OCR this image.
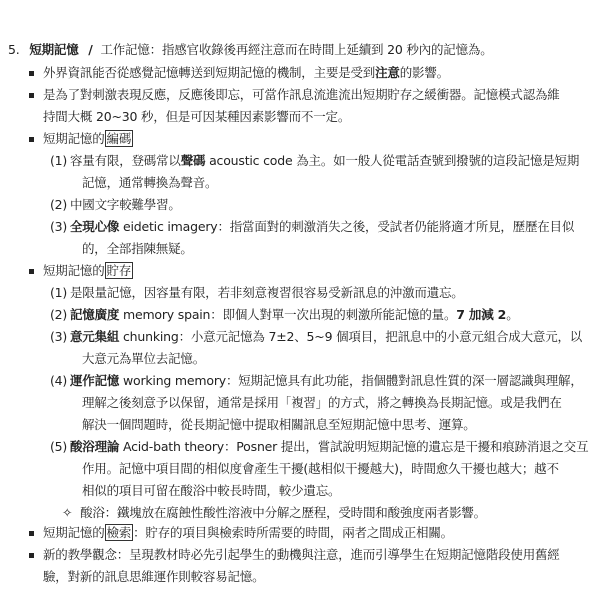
5. 短期記憶 / 工作記憶：指感官收錄後再經注意而在時間上延續到 20 秒內的記憶為。
外界資訊能否從感覺記憶轉送到短期記憶的機制，主要是受到注意的影響。
是為了對刺激表現反應，反應後即忘，可當作訊息流進流出短期貯存之緩衝器。記憶模式認為維
持間大概 20~30 秒，但是可因某種因素影響而不一定。
短期記憶的 編碼
(1) 容量有限，登碼常以聲碼 acoustic code 為主。如一般人從電話查號到撥號的這段記憶是短期
記憶，通常轉換為聲音。
(2) 中國文字較難學習。
(3) 全現心像 eidetic imagery：指當面對的刺激消失之後，受試者仍能將適才所見，歷歷在目似
的，全部指陳無疑。
短期記憶的 貯存
(1) 是限量記憶，因容量有限，若非刻意複習很容易受新訊息的沖激而遺忘。
(2) 記憶廣度 memory spain：即個人對單一次出現的刺激所能記憶的量。7 加減 2。
(3) 意元集組 chunking：小意元記憶為 7±2、5~9 個項目，把訊息中的小意元組合成大意元，以
大意元為單位去記憶。
(4) 運作記憶 working memory：短期記憶具有此功能，指個體對訊息性質的深一層認識與理解，
理解之後刻意予以保留，通常是採用「複習」的方式，將之轉換為長期記憶。或是我們在
解決一個問題時，從長期記憶中提取相關訊息至短期記憶中思考、運算。
(5) 酸浴理論 Acid-bath theory：Posner 提出，嘗試說明短期記憶的遺忘是干擾和痕跡消退之交互
作用。記憶中項目間的相似度會產生干擾(越相似干擾越大)，時間愈久干擾也越大；越不
相似的項目可留在酸浴中較長時間，較少遺忘。
✧ 酸浴：鐵塊放在腐蝕性酸性溶液中分解之歷程，受時間和酸強度兩者影響。
短期記憶的 檢索 ：貯存的項目與檢索時所需要的時間，兩者之間成正相關。
新的教學觀念：呈現教材時必先引起學生的動機與注意，進而引導學生在短期記憶階段使用舊經
驗，對新的訊息思維運作則較容易記憶。
